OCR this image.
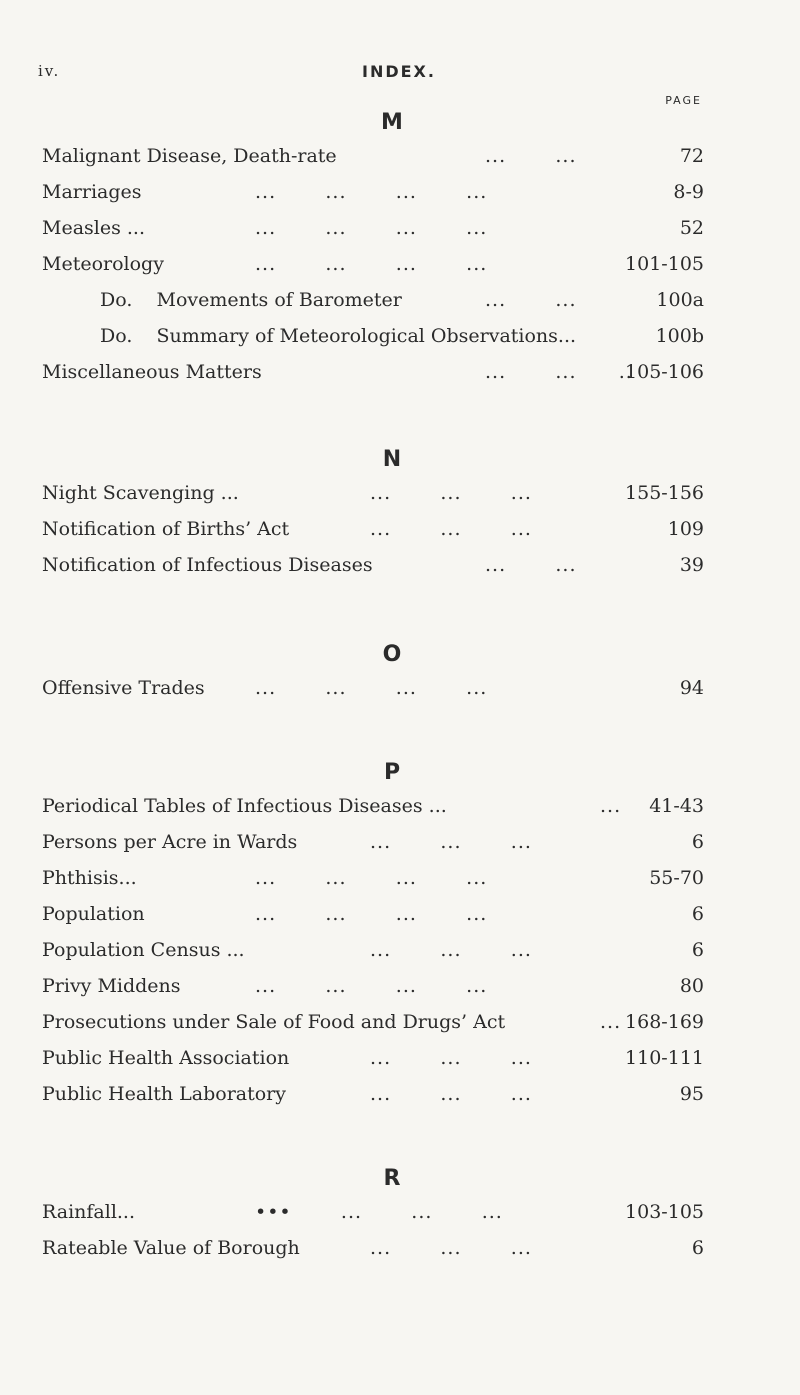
iv.	INDEX.
PAGE
M
...       ...
Malignant Disease, Death-rate	72
...       ...       ...       ...
Marriages	8-9
...       ...       ...       ...
Measles ...	52
...       ...       ...       ...
Meteorology	101-105
...       ...
Do.    Movements of Barometer	100a
Do.    Summary of Meteorological Observations...	100b
...       ...      ..
Miscellaneous Matters	105-106
N
...       ...       ...
Night Scavenging ...	155-156
...       ...       ...
Notification of Births’ Act	109
...       ...
Notification of Infectious Diseases	39
O
...       ...       ...       ...
Offensive Trades	94
P
...
Periodical Tables of Infectious Diseases ...	41-43
...       ...       ...
Persons per Acre in Wards	6
...       ...       ...       ...
Phthisis...	55-70
...       ...       ...       ...
Population	6
...       ...       ...
Population Census ...	6
...       ...       ...       ...
Privy Middens	80
...
Prosecutions under Sale of Food and Drugs’ Act	168-169
...       ...       ...
Public Health Association	110-111
...       ...       ...
Public Health Laboratory	95
R
•••       ...       ...       ...
Rainfall...	103-105
...       ...       ...
Rateable Value of Borough	6
